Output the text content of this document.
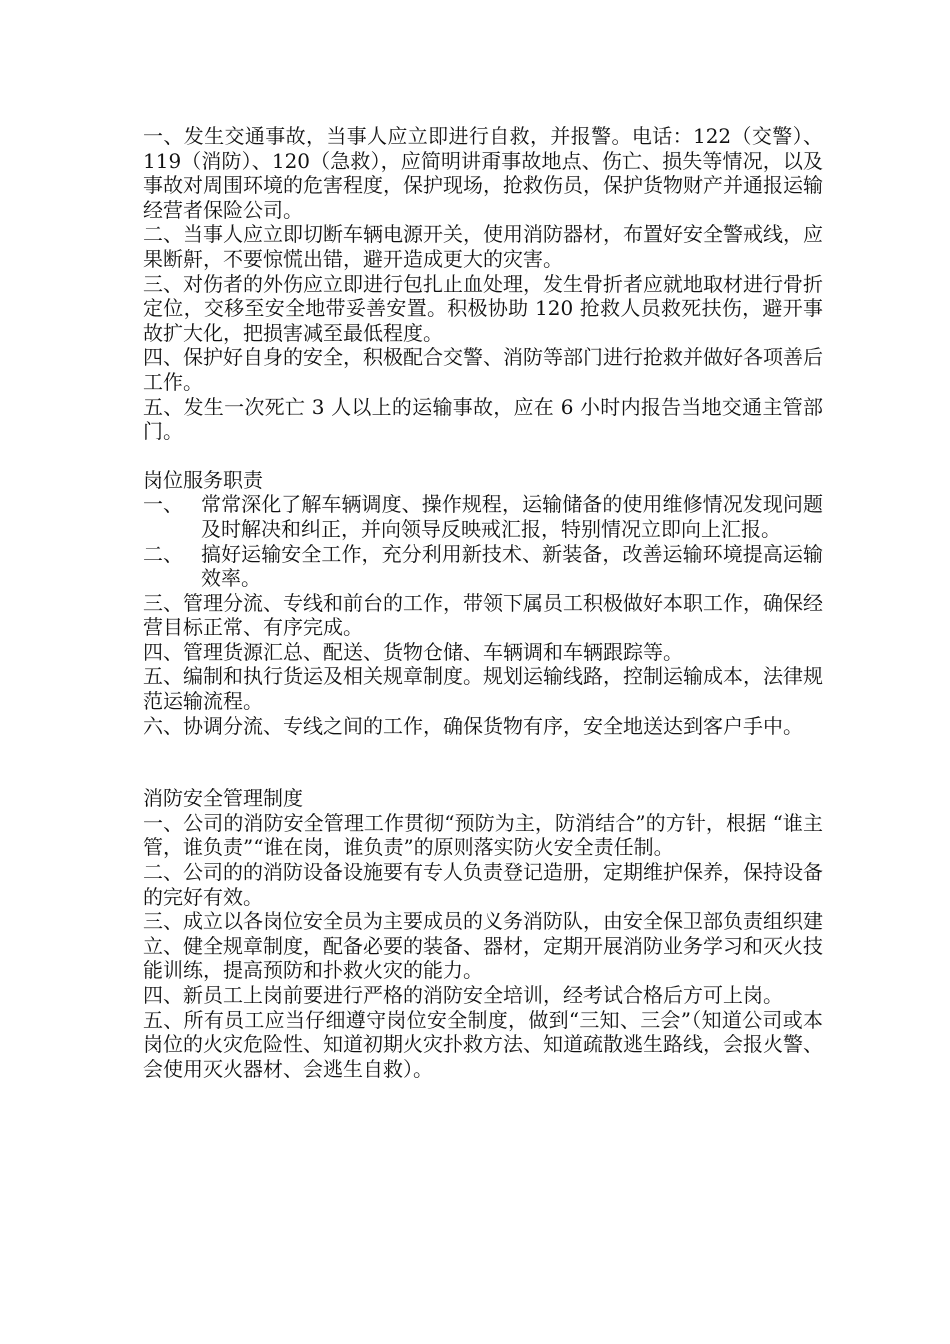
一、发生交通事故，当事人应立即进行自救，并报警。电话：122（交警）、119（消防）、120（急救），应简明讲甭事故地点、伤亡、损失等情况，以及事故对周围环境的危害程度，保护现场，抢救伤员，保护货物财产并通报运输经营者保险公司。

二、当事人应立即切断车辆电源开关，使用消防器材，布置好安全警戒线，应果断鼾，不要惊慌出错，避开造成更大的灾害。

三、对伤者的外伤应立即进行包扎止血处理，发生骨折者应就地取材进行骨折定位，交移至安全地带妥善安置。积极协助 120 抢救人员救死扶伤，避开事故扩大化，把损害减至最低程度。

四、保护好自身的安全，积极配合交警、消防等部门进行抢救并做好各项善后工作。

五、发生一次死亡 3 人以上的运输事故，应在 6 小时内报告当地交通主管部门。

岗位服务职责

一、 常常深化了解车辆调度、操作规程，运输储备的使用维修情况发现问题及时解决和纠正，并向领导反映戒汇报，特别情况立即向上汇报。
二、 搞好运输安全工作，充分利用新技术、新装备，改善运输环境提高运输效率。

三、管理分流、专线和前台的工作，带领下属员工积极做好本职工作，确保经营目标正常、有序完成。

四、管理货源汇总、配送、货物仓储、车辆调和车辆跟踪等。

五、编制和执行货运及相关规章制度。规划运输线路，控制运输成本，法律规范运输流程。

六、协调分流、专线之间的工作，确保货物有序，安全地送达到客户手中。

消防安全管理制度

一、公司的消防安全管理工作贯彻“预防为主，防消结合”的方针，根据 “谁主管，谁负责”“谁在岗，谁负责”的原则落实防火安全责任制。

二、公司的的消防设备设施要有专人负责登记造册，定期维护保养，保持设备的完好有效。

三、成立以各岗位安全员为主要成员的义务消防队，由安全保卫部负责组织建立、健全规章制度，配备必要的装备、器材，定期开展消防业务学习和灭火技能训练，提高预防和扑救火灾的能力。

四、新员工上岗前要进行严格的消防安全培训，经考试合格后方可上岗。

五、所有员工应当仔细遵守岗位安全制度，做到“三知、三会”（知道公司或本岗位的火灾危险性、知道初期火灾扑救方法、知道疏散逃生路线，会报火警、会使用灭火器材、会逃生自救）。
